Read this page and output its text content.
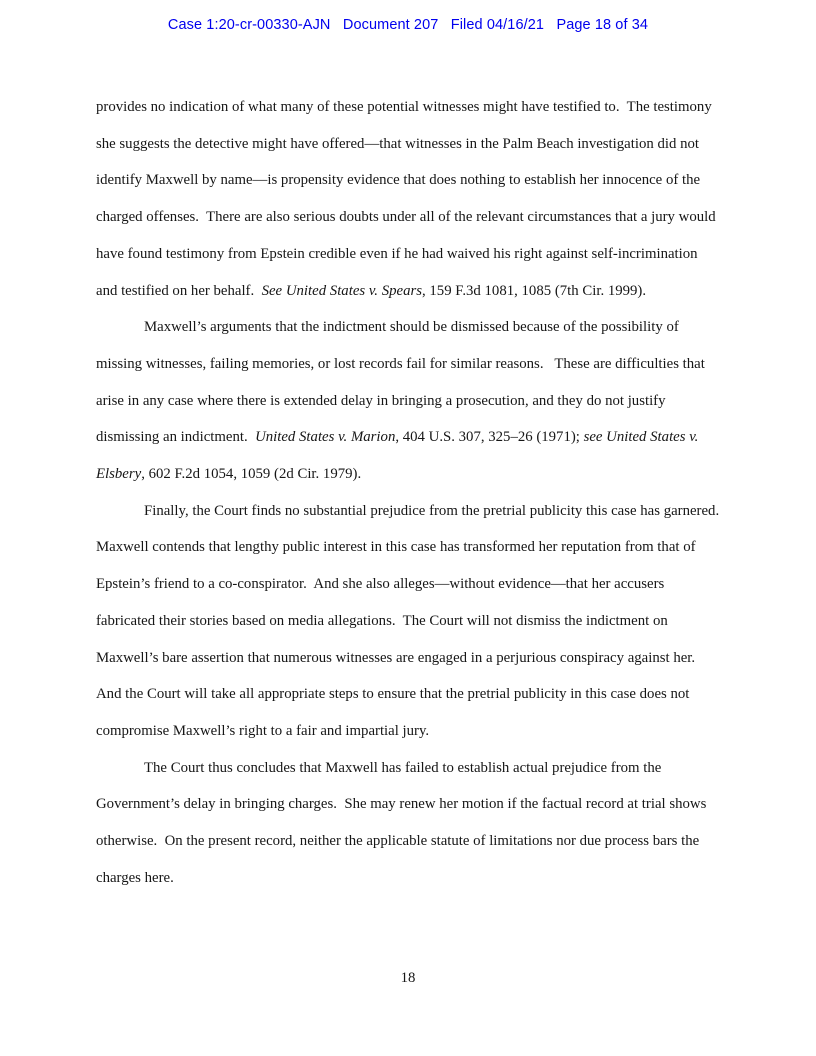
Case 1:20-cr-00330-AJN   Document 207   Filed 04/16/21   Page 18 of 34

provides no indication of what many of these potential witnesses might have testified to.  The testimony she suggests the detective might have offered—that witnesses in the Palm Beach investigation did not identify Maxwell by name—is propensity evidence that does nothing to establish her innocence of the charged offenses.  There are also serious doubts under all of the relevant circumstances that a jury would have found testimony from Epstein credible even if he had waived his right against self-incrimination and testified on her behalf.  See United States v. Spears, 159 F.3d 1081, 1085 (7th Cir. 1999).

Maxwell’s arguments that the indictment should be dismissed because of the possibility of missing witnesses, failing memories, or lost records fail for similar reasons.   These are difficulties that arise in any case where there is extended delay in bringing a prosecution, and they do not justify dismissing an indictment.  United States v. Marion, 404 U.S. 307, 325–26 (1971); see United States v. Elsbery, 602 F.2d 1054, 1059 (2d Cir. 1979).

Finally, the Court finds no substantial prejudice from the pretrial publicity this case has garnered.  Maxwell contends that lengthy public interest in this case has transformed her reputation from that of Epstein’s friend to a co-conspirator.  And she also alleges—without evidence—that her accusers fabricated their stories based on media allegations.  The Court will not dismiss the indictment on Maxwell’s bare assertion that numerous witnesses are engaged in a perjurious conspiracy against her.  And the Court will take all appropriate steps to ensure that the pretrial publicity in this case does not compromise Maxwell’s right to a fair and impartial jury.

The Court thus concludes that Maxwell has failed to establish actual prejudice from the Government’s delay in bringing charges.  She may renew her motion if the factual record at trial shows otherwise.  On the present record, neither the applicable statute of limitations nor due process bars the charges here.

18
